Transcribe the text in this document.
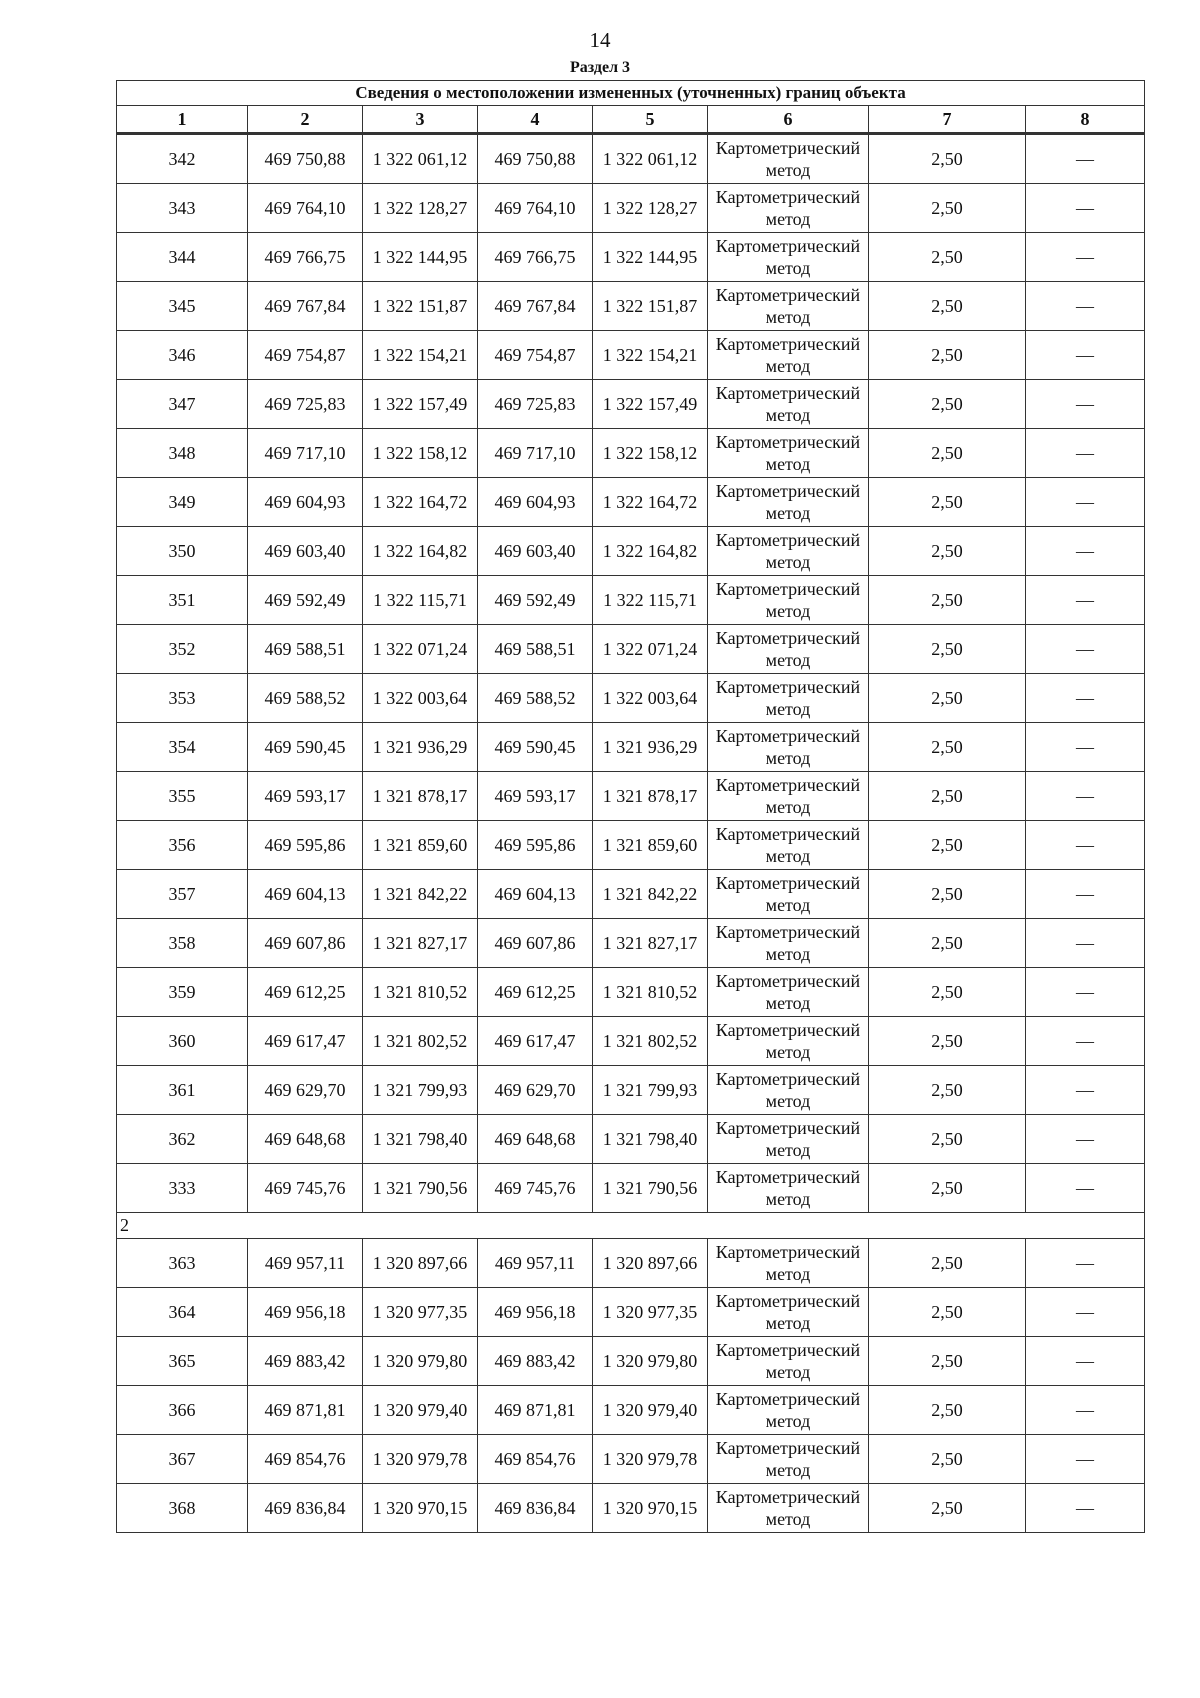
14
Раздел 3
Сведения о местоположении измененных (уточненных) границ объекта							
1	2	3	4	5	6	7	8
342	469 750,88	1 322 061,12	469 750,88	1 322 061,12	Картометрический метод	2,50	—
343	469 764,10	1 322 128,27	469 764,10	1 322 128,27	Картометрический метод	2,50	—
344	469 766,75	1 322 144,95	469 766,75	1 322 144,95	Картометрический метод	2,50	—
345	469 767,84	1 322 151,87	469 767,84	1 322 151,87	Картометрический метод	2,50	—
346	469 754,87	1 322 154,21	469 754,87	1 322 154,21	Картометрический метод	2,50	—
347	469 725,83	1 322 157,49	469 725,83	1 322 157,49	Картометрический метод	2,50	—
348	469 717,10	1 322 158,12	469 717,10	1 322 158,12	Картометрический метод	2,50	—
349	469 604,93	1 322 164,72	469 604,93	1 322 164,72	Картометрический метод	2,50	—
350	469 603,40	1 322 164,82	469 603,40	1 322 164,82	Картометрический метод	2,50	—
351	469 592,49	1 322 115,71	469 592,49	1 322 115,71	Картометрический метод	2,50	—
352	469 588,51	1 322 071,24	469 588,51	1 322 071,24	Картометрический метод	2,50	—
353	469 588,52	1 322 003,64	469 588,52	1 322 003,64	Картометрический метод	2,50	—
354	469 590,45	1 321 936,29	469 590,45	1 321 936,29	Картометрический метод	2,50	—
355	469 593,17	1 321 878,17	469 593,17	1 321 878,17	Картометрический метод	2,50	—
356	469 595,86	1 321 859,60	469 595,86	1 321 859,60	Картометрический метод	2,50	—
357	469 604,13	1 321 842,22	469 604,13	1 321 842,22	Картометрический метод	2,50	—
358	469 607,86	1 321 827,17	469 607,86	1 321 827,17	Картометрический метод	2,50	—
359	469 612,25	1 321 810,52	469 612,25	1 321 810,52	Картометрический метод	2,50	—
360	469 617,47	1 321 802,52	469 617,47	1 321 802,52	Картометрический метод	2,50	—
361	469 629,70	1 321 799,93	469 629,70	1 321 799,93	Картометрический метод	2,50	—
362	469 648,68	1 321 798,40	469 648,68	1 321 798,40	Картометрический метод	2,50	—
333	469 745,76	1 321 790,56	469 745,76	1 321 790,56	Картометрический метод	2,50	—
2							
363	469 957,11	1 320 897,66	469 957,11	1 320 897,66	Картометрический метод	2,50	—
364	469 956,18	1 320 977,35	469 956,18	1 320 977,35	Картометрический метод	2,50	—
365	469 883,42	1 320 979,80	469 883,42	1 320 979,80	Картометрический метод	2,50	—
366	469 871,81	1 320 979,40	469 871,81	1 320 979,40	Картометрический метод	2,50	—
367	469 854,76	1 320 979,78	469 854,76	1 320 979,78	Картометрический метод	2,50	—
368	469 836,84	1 320 970,15	469 836,84	1 320 970,15	Картометрический метод	2,50	—
